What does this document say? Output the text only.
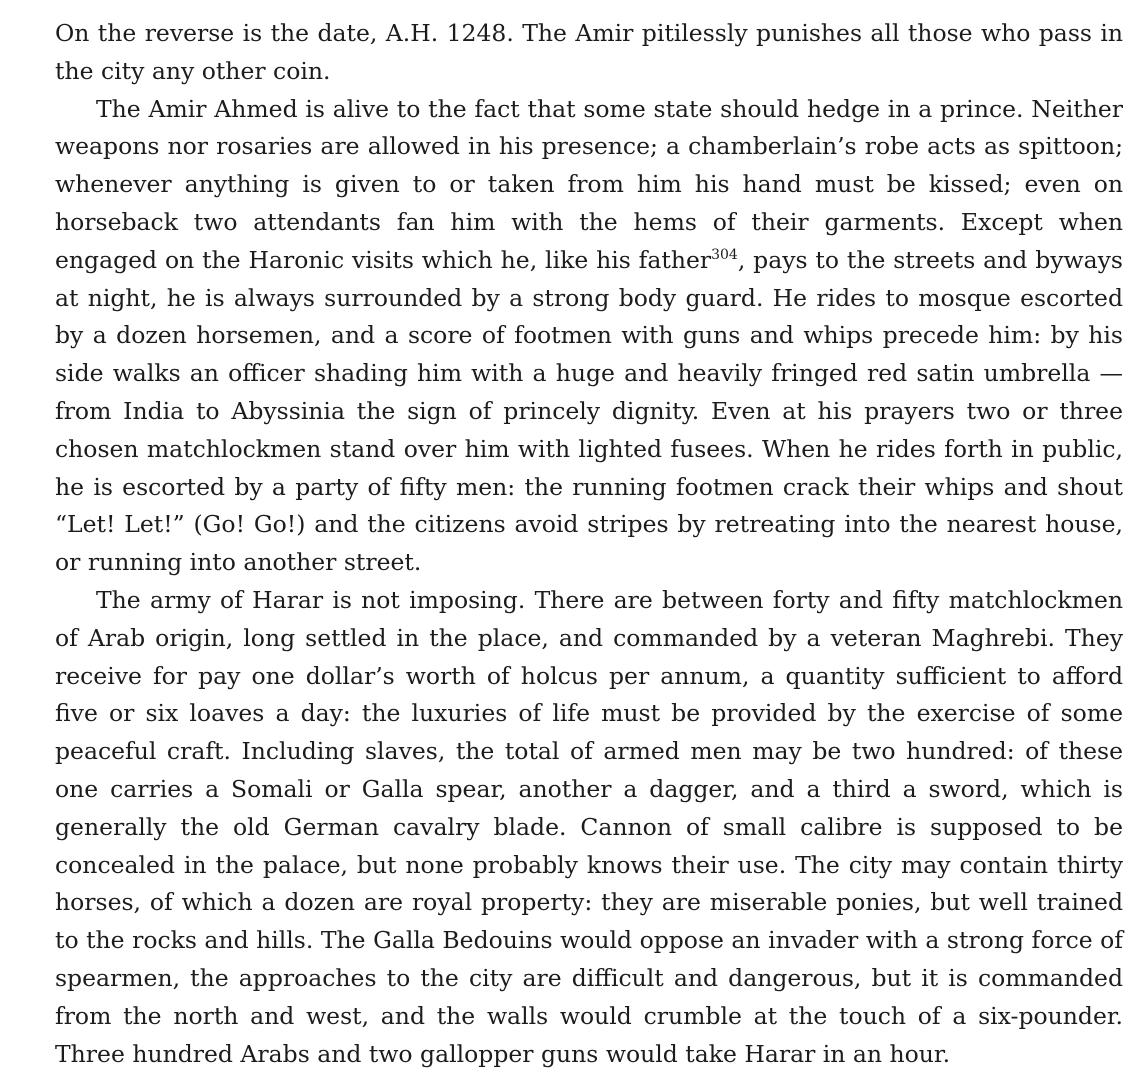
On the reverse is the date, A.H. 1248. The Amir pitilessly punishes all those who pass in the city any other coin.

The Amir Ahmed is alive to the fact that some state should hedge in a prince. Neither weapons nor rosaries are allowed in his presence; a chamberlain’s robe acts as spittoon; whenever anything is given to or taken from him his hand must be kissed; even on horseback two attendants fan him with the hems of their garments. Except when engaged on the Haronic visits which he, like his father$^{304}$, pays to the streets and byways at night, he is always surrounded by a strong body guard. He rides to mosque escorted by a dozen horsemen, and a score of footmen with guns and whips precede him: by his side walks an officer shading him with a huge and heavily fringed red satin umbrella — from India to Abyssinia the sign of princely dignity. Even at his prayers two or three chosen matchlockmen stand over him with lighted fusees. When he rides forth in public, he is escorted by a party of fifty men: the running footmen crack their whips and shout “Let! Let!” (Go! Go!) and the citizens avoid stripes by retreating into the nearest house, or running into another street.

The army of Harar is not imposing. There are between forty and fifty matchlockmen of Arab origin, long settled in the place, and commanded by a veteran Maghrebi. They receive for pay one dollar’s worth of holcus per annum, a quantity sufficient to afford five or six loaves a day: the luxuries of life must be provided by the exercise of some peaceful craft. Including slaves, the total of armed men may be two hundred: of these one carries a Somali or Galla spear, another a dagger, and a third a sword, which is generally the old German cavalry blade. Cannon of small calibre is supposed to be concealed in the palace, but none probably knows their use. The city may contain thirty horses, of which a dozen are royal property: they are miserable ponies, but well trained to the rocks and hills. The Galla Bedouins would oppose an invader with a strong force of spearmen, the approaches to the city are difficult and dangerous, but it is commanded from the north and west, and the walls would crumble at the touch of a six-pounder. Three hundred Arabs and two gallopper guns would take Harar in an hour.
